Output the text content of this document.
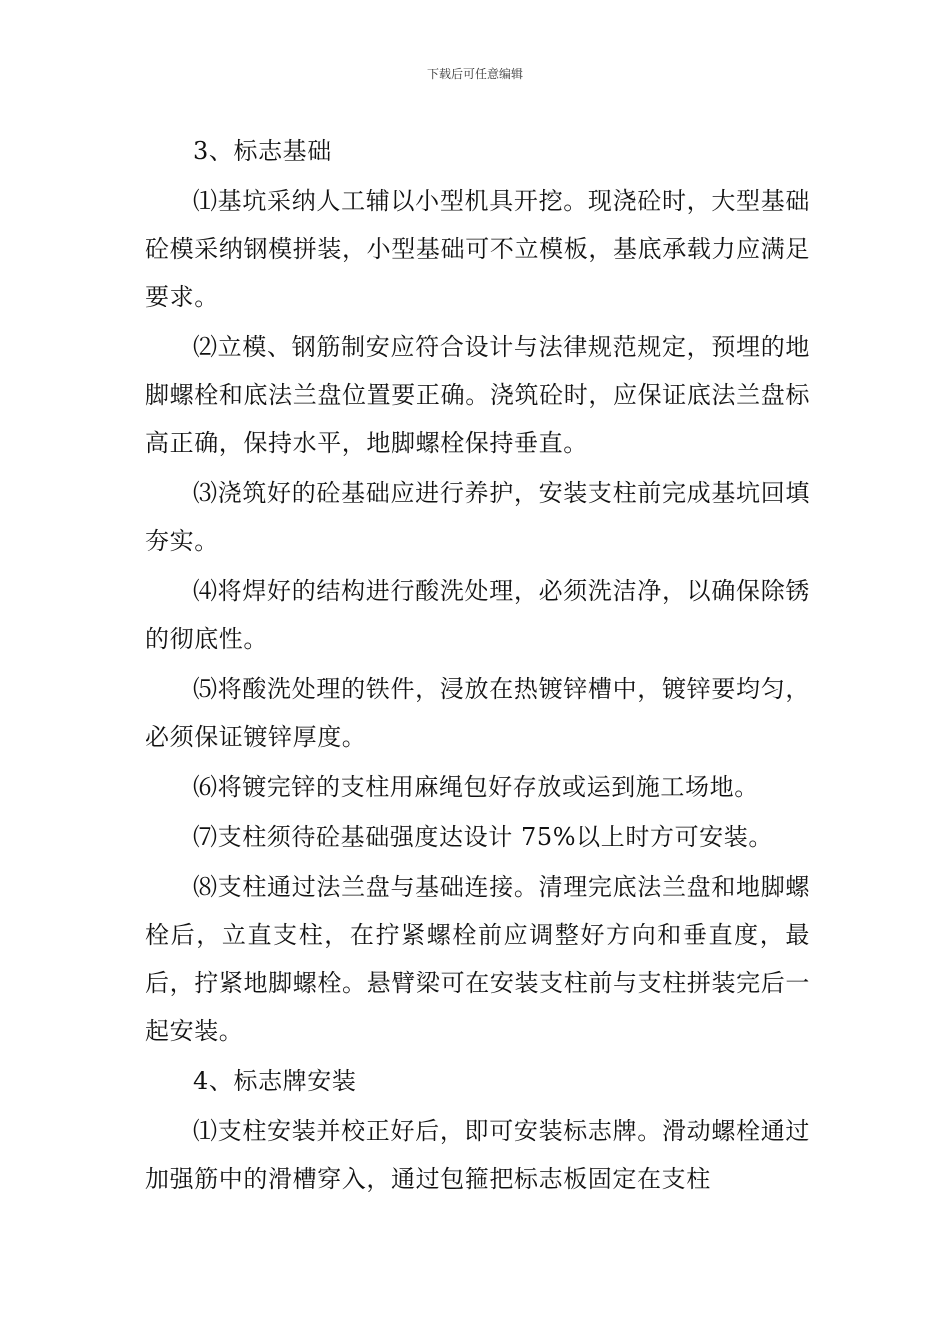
下载后可任意编辑

3、标志基础

⑴基坑采纳人工辅以小型机具开挖。现浇砼时，大型基础砼模采纳钢模拼装，小型基础可不立模板，基底承载力应满足要求。

⑵立模、钢筋制安应符合设计与法律规范规定，预埋的地脚螺栓和底法兰盘位置要正确。浇筑砼时，应保证底法兰盘标高正确，保持水平，地脚螺栓保持垂直。

⑶浇筑好的砼基础应进行养护，安装支柱前完成基坑回填夯实。

⑷将焊好的结构进行酸洗处理，必须洗洁净，以确保除锈的彻底性。

⑸将酸洗处理的铁件，浸放在热镀锌槽中，镀锌要均匀，必须保证镀锌厚度。

⑹将镀完锌的支柱用麻绳包好存放或运到施工场地。

⑺支柱须待砼基础强度达设计 75%以上时方可安装。

⑻支柱通过法兰盘与基础连接。清理完底法兰盘和地脚螺栓后，立直支柱，在拧紧螺栓前应调整好方向和垂直度，最后，拧紧地脚螺栓。悬臂梁可在安装支柱前与支柱拼装完后一起安装。

4、标志牌安装

⑴支柱安装并校正好后，即可安装标志牌。滑动螺栓通过加强筋中的滑槽穿入，通过包箍把标志板固定在支柱
